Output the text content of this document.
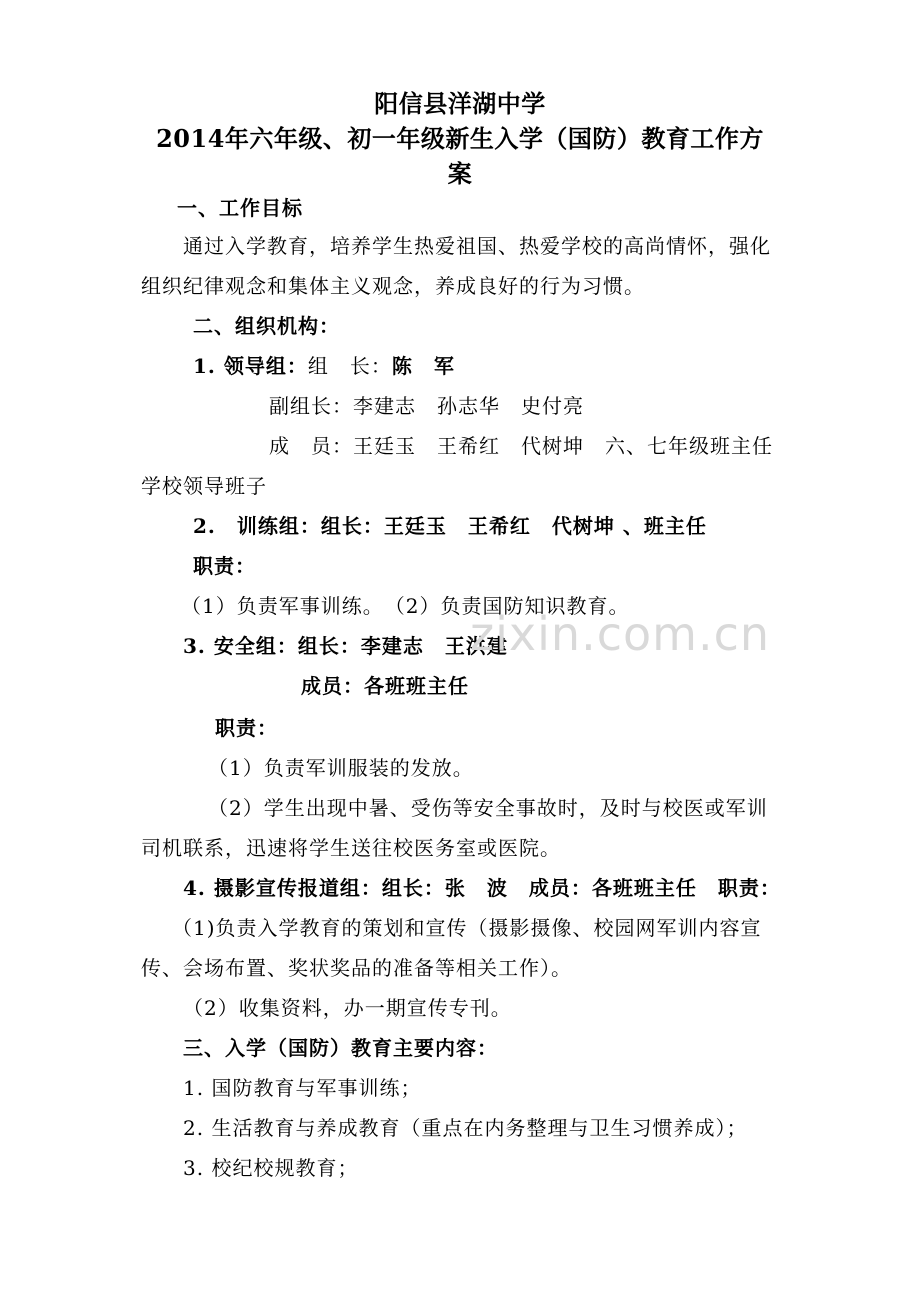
阳信县洋湖中学
2014年六年级、初一年级新生入学（国防）教育工作方
案
一、工作目标
通过入学教育，培养学生热爱祖国、热爱学校的高尚情怀，强化
组织纪律观念和集体主义观念，养成良好的行为习惯。
二、组织机构：
1. 领导组：组　长：陈　军
副组长：李建志　孙志华　史付亮
成　员：王廷玉　王希红　代树坤　六、七年级班主任
学校领导班子
2.　训练组：组长：王廷玉　王希红　代树坤 、班主任
职责：
（1）负责军事训练。　（2）负责国防知识教育。
3. 安全组：组长：李建志　王洪建
成员：各班班主任
职责：
（1）负责军训服装的发放。
（2）学生出现中暑、受伤等安全事故时，及时与校医或军训
司机联系，迅速将学生送往校医务室或医院。
4. 摄影宣传报道组：组长：张　波　成员：各班班主任　职责：
（1)负责入学教育的策划和宣传（摄影摄像、校园网军训内容宣
传、会场布置、奖状奖品的准备等相关工作）。
（2）收集资料，办一期宣传专刊。
三、入学（国防）教育主要内容：
1. 国防教育与军事训练；
2. 生活教育与养成教育（重点在内务整理与卫生习惯养成）；
3. 校纪校规教育；
zixin.com.cn
